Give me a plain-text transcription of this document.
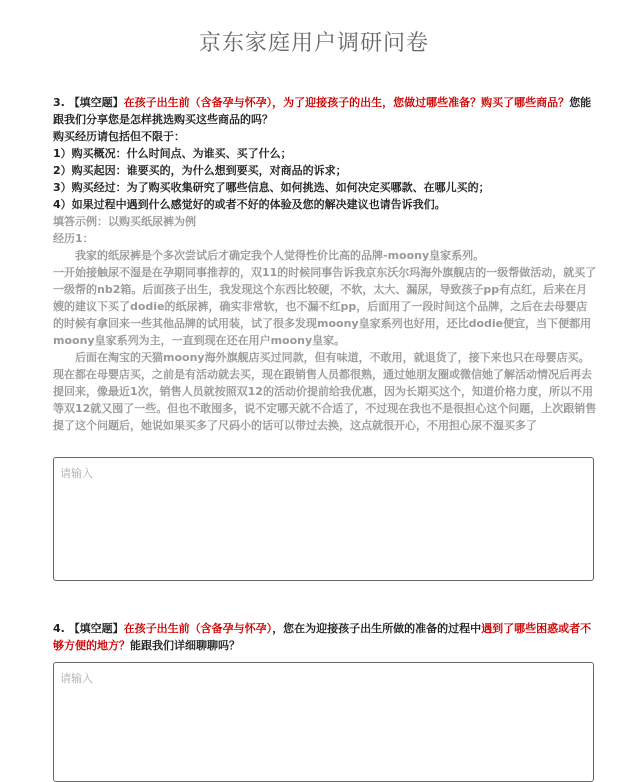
京东家庭用户调研问卷

3. 【填空题】在孩子出生前（含备孕与怀孕），为了迎接孩子的出生，您做过哪些准备？购买了哪些商品？您能跟我们分享您是怎样挑选购买这些商品的吗？

购买经历请包括但不限于：

1）购买概况：什么时间点、为谁买、买了什么；

2）购买起因：谁要买的，为什么想到要买，对商品的诉求；

3）购买经过：为了购买收集研究了哪些信息、如何挑选、如何决定买哪款、在哪儿买的；

4）如果过程中遇到什么感觉好的或者不好的体验及您的解决建议也请告诉我们。

填答示例：以购买纸尿裤为例

经历1：

我家的纸尿裤是个多次尝试后才确定我个人觉得性价比高的品牌-moony皇家系列。

一开始接触尿不湿是在孕期同事推荐的，双11的时候同事告诉我京东沃尔玛海外旗舰店的一级帮做活动，就买了一级帮的nb2箱。后面孩子出生，我发现这个东西比较硬，不软，太大、漏尿，导致孩子pp有点红，后来在月嫂的建议下买了dodie的纸尿裤，确实非常软，也不漏不红pp，后面用了一段时间这个品牌，之后在去母婴店的时候有拿回来一些其他品牌的试用装，试了很多发现moony皇家系列也好用，还比dodie便宜，当下便都用moony皇家系列为主，一直到现在还在用户moony皇家。

后面在淘宝的天猫moony海外旗舰店买过同款，但有味道，不敢用，就退货了，接下来也只在母婴店买。

现在都在母婴店买，之前是有活动就去买，现在跟销售人员都很熟，通过她朋友圈或微信她了解活动情况后再去提回来，像最近1次，销售人员就按照双12的活动价提前给我优惠，因为长期买这个，知道价格力度，所以不用等双12就又囤了一些。但也不敢囤多，说不定哪天就不合适了，不过现在我也不是很担心这个问题，上次跟销售提了这个问题后，她说如果买多了尺码小的话可以带过去换，这点就很开心，不用担心尿不湿买多了

请输入

4. 【填空题】在孩子出生前（含备孕与怀孕），您在为迎接孩子出生所做的准备的过程中遇到了哪些困惑或者不够方便的地方？能跟我们详细聊聊吗？

请输入
